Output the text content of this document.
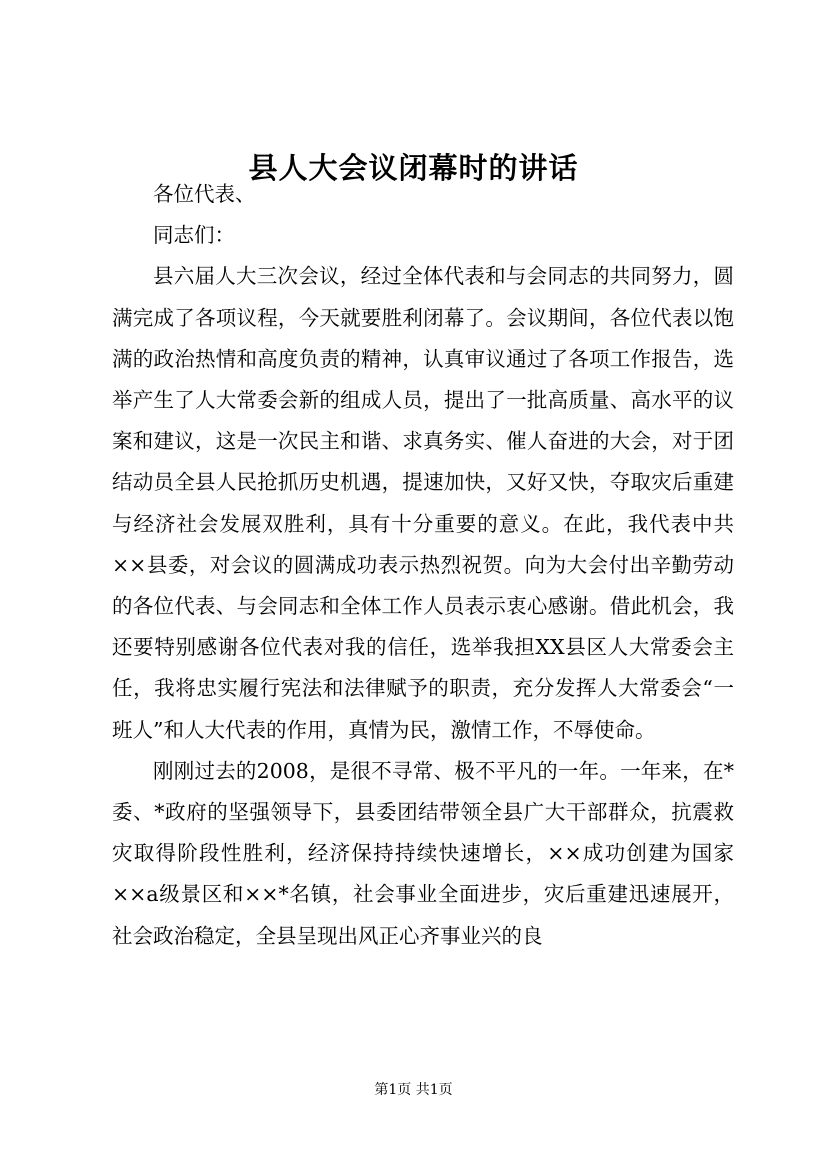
县人大会议闭幕时的讲话

各位代表、

同志们：

县六届人大三次会议，经过全体代表和与会同志的共同努力，圆满完成了各项议程，今天就要胜利闭幕了。会议期间，各位代表以饱满的政治热情和高度负责的精神，认真审议通过了各项工作报告，选举产生了人大常委会新的组成人员，提出了一批高质量、高水平的议案和建议，这是一次民主和谐、求真务实、催人奋进的大会，对于团结动员全县人民抢抓历史机遇，提速加快，又好又快，夺取灾后重建与经济社会发展双胜利，具有十分重要的意义。在此，我代表中共××县委，对会议的圆满成功表示热烈祝贺。向为大会付出辛勤劳动的各位代表、与会同志和全体工作人员表示衷心感谢。借此机会，我还要特别感谢各位代表对我的信任，选举我担XX县区人大常委会主任，我将忠实履行宪法和法律赋予的职责，充分发挥人大常委会“一班人”和人大代表的作用，真情为民，激情工作，不辱使命。

刚刚过去的2008，是很不寻常、极不平凡的一年。一年来，在*委、*政府的坚强领导下，县委团结带领全县广大干部群众，抗震救灾取得阶段性胜利，经济保持持续快速增长，××成功创建为国家××a级景区和××*名镇，社会事业全面进步，灾后重建迅速展开，社会政治稳定，全县呈现出风正心齐事业兴的良

第1页 共1页
